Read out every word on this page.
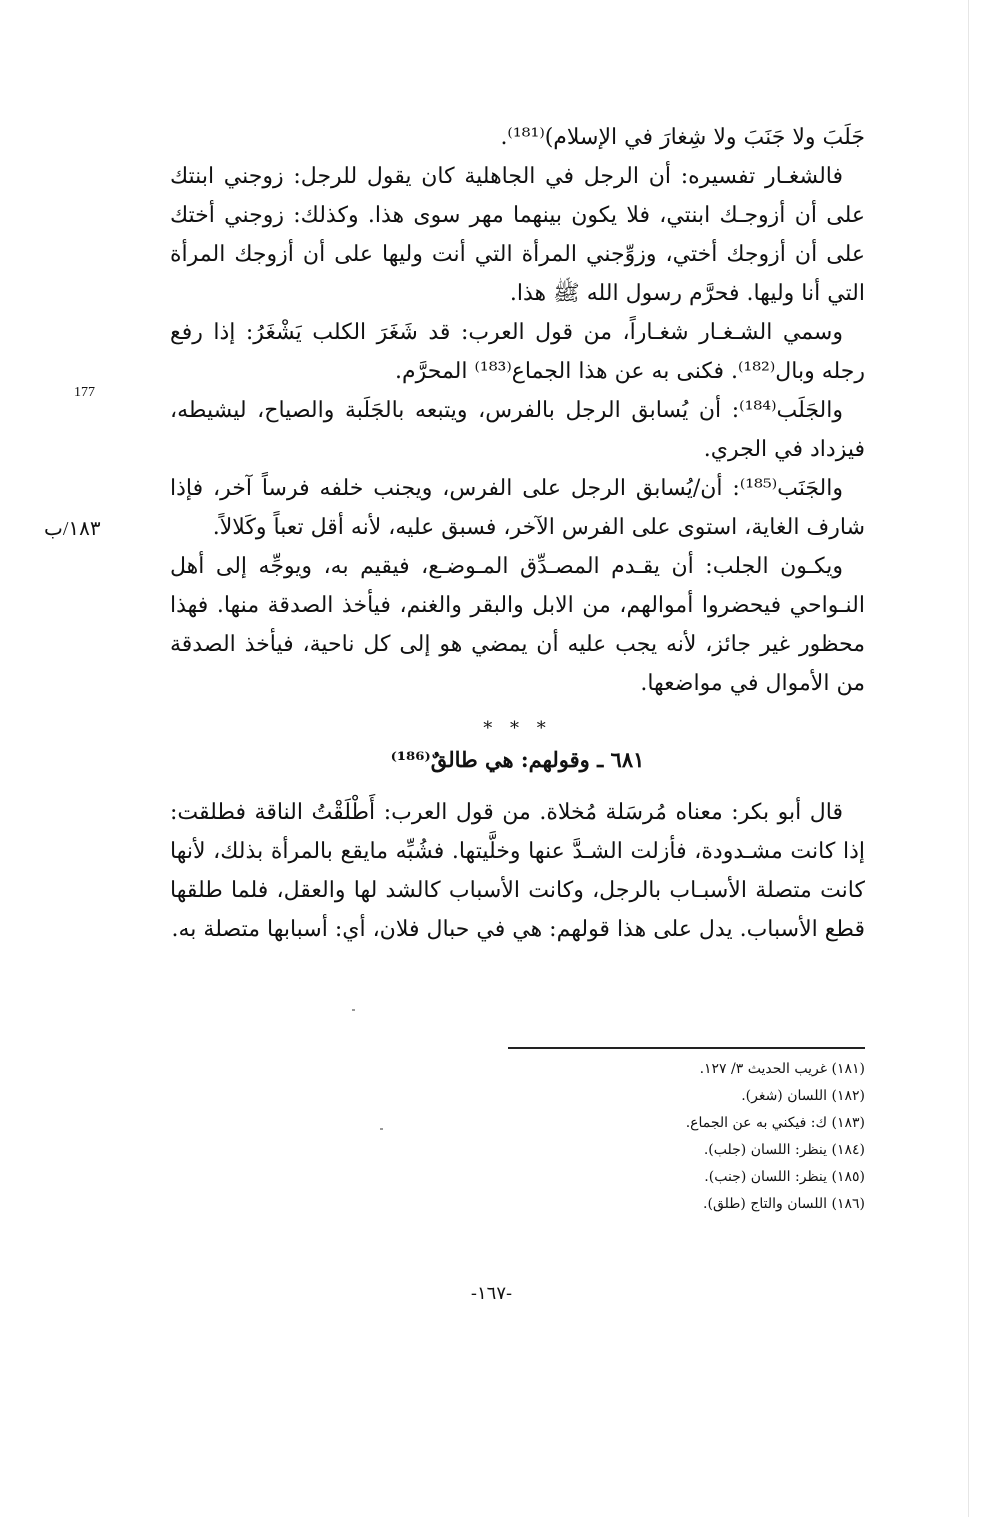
177
١٨٣/ب

جَلَبَ ولا جَنَبَ ولا شِغارَ في الإسلام)⁽¹⁸¹⁾.

فالشغـار تفسيره: أن الرجل في الجاهلية كان يقول للرجل: زوجني ابنتك على أن أزوجـك ابنتي، فلا يكون بينهما مهر سوى هذا. وكذلك: زوجني أختك على أن أزوجك أختي، وزوِّجني المرأة التي أنت وليها على أن أزوجك المرأة التي أنا وليها. فحرَّم رسول الله ﷺ هذا.

وسمي الشـغـار شغـاراً، من قول العرب: قد شَغَرَ الكلب يَشْغَرُ: إذا رفع رجله وبال⁽¹⁸²⁾. فكنى به عن هذا الجماع⁽¹⁸³⁾ المحرَّم.

والجَلَب⁽¹⁸⁴⁾: أن يُسابق الرجل بالفرس، ويتبعه بالجَلَبة والصياح، ليشيطه، فيزداد في الجري.

والجَنَب⁽¹⁸⁵⁾: أن/يُسابق الرجل على الفرس، ويجنب خلفه فرساً آخر، فإذا شارف الغاية، استوى على الفرس الآخر، فسبق عليه، لأنه أقل تعباً وكَلالاً.

ويكـون الجلب: أن يقـدم المصـدِّق المـوضـع، فيقيم به، ويوجِّه إلى أهل النـواحي فيحضروا أموالهم، من الابل والبقر والغنم، فيأخذ الصدقة منها. فهذا محظور غير جائز، لأنه يجب عليه أن يمضي هو إلى كل ناحية، فيأخذ الصدقة من الأموال في مواضعها.

* * *
٦٨١ ـ وقولهم: هي طالقٌ⁽¹⁸⁶⁾

قال أبو بكر: معناه مُرسَلة مُخلاة. من قول العرب: أَطْلَقْتُ الناقة فطلقت: إذا كانت مشـدودة، فأزلت الشـدَّ عنها وخلَّيتها. فشُبِّه مايقع بالمرأة بذلك، لأنها كانت متصلة الأسبـاب بالرجل، وكانت الأسباب كالشد لها والعقل، فلما طلقها قطع الأسباب. يدل على هذا قولهم: هي في حبال فلان، أي: أسبابها متصلة به.

(١٨١) غريب الحديث ٣/ ١٢٧.
(١٨٢) اللسان (شغر).
(١٨٣) ك: فيكني به عن الجماع.
(١٨٤) ينظر: اللسان (جلب).
(١٨٥) ينظر: اللسان (جنب).
(١٨٦) اللسان والتاج (طلق).
-١٦٧-
